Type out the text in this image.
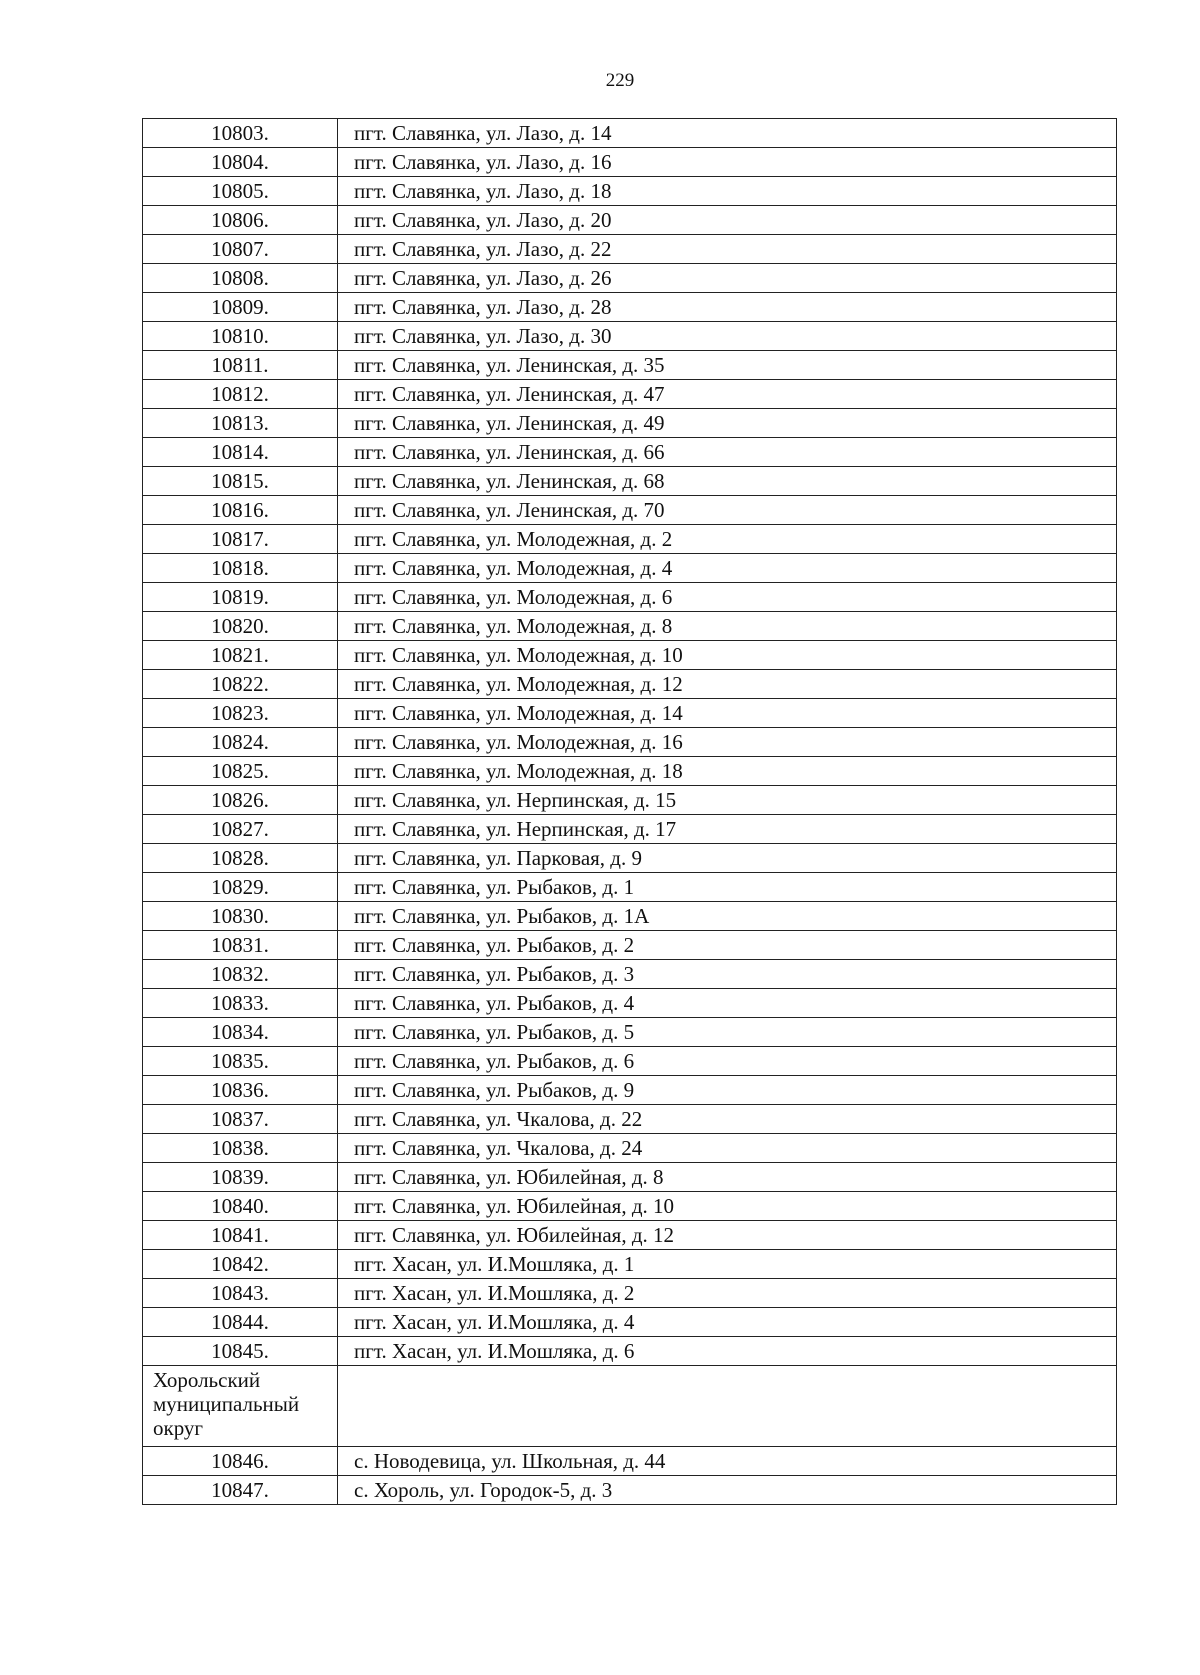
229
10803.	пгт. Славянка, ул. Лазо, д. 14
10804.	пгт. Славянка, ул. Лазо, д. 16
10805.	пгт. Славянка, ул. Лазо, д. 18
10806.	пгт. Славянка, ул. Лазо, д. 20
10807.	пгт. Славянка, ул. Лазо, д. 22
10808.	пгт. Славянка, ул. Лазо, д. 26
10809.	пгт. Славянка, ул. Лазо, д. 28
10810.	пгт. Славянка, ул. Лазо, д. 30
10811.	пгт. Славянка, ул. Ленинская, д. 35
10812.	пгт. Славянка, ул. Ленинская, д. 47
10813.	пгт. Славянка, ул. Ленинская, д. 49
10814.	пгт. Славянка, ул. Ленинская, д. 66
10815.	пгт. Славянка, ул. Ленинская, д. 68
10816.	пгт. Славянка, ул. Ленинская, д. 70
10817.	пгт. Славянка, ул. Молодежная, д. 2
10818.	пгт. Славянка, ул. Молодежная, д. 4
10819.	пгт. Славянка, ул. Молодежная, д. 6
10820.	пгт. Славянка, ул. Молодежная, д. 8
10821.	пгт. Славянка, ул. Молодежная, д. 10
10822.	пгт. Славянка, ул. Молодежная, д. 12
10823.	пгт. Славянка, ул. Молодежная, д. 14
10824.	пгт. Славянка, ул. Молодежная, д. 16
10825.	пгт. Славянка, ул. Молодежная, д. 18
10826.	пгт. Славянка, ул. Нерпинская, д. 15
10827.	пгт. Славянка, ул. Нерпинская, д. 17
10828.	пгт. Славянка, ул. Парковая, д. 9
10829.	пгт. Славянка, ул. Рыбаков, д. 1
10830.	пгт. Славянка, ул. Рыбаков, д. 1А
10831.	пгт. Славянка, ул. Рыбаков, д. 2
10832.	пгт. Славянка, ул. Рыбаков, д. 3
10833.	пгт. Славянка, ул. Рыбаков, д. 4
10834.	пгт. Славянка, ул. Рыбаков, д. 5
10835.	пгт. Славянка, ул. Рыбаков, д. 6
10836.	пгт. Славянка, ул. Рыбаков, д. 9
10837.	пгт. Славянка, ул. Чкалова, д. 22
10838.	пгт. Славянка, ул. Чкалова, д. 24
10839.	пгт. Славянка, ул. Юбилейная, д. 8
10840.	пгт. Славянка, ул. Юбилейная, д. 10
10841.	пгт. Славянка, ул. Юбилейная, д. 12
10842.	пгт. Хасан, ул. И.Мошляка, д. 1
10843.	пгт. Хасан, ул. И.Мошляка, д. 2
10844.	пгт. Хасан, ул. И.Мошляка, д. 4
10845.	пгт. Хасан, ул. И.Мошляка, д. 6
Хорольский муниципальный округ	
10846.	с. Новодевица, ул. Школьная, д. 44
10847.	с. Хороль, ул. Городок-5, д. 3
